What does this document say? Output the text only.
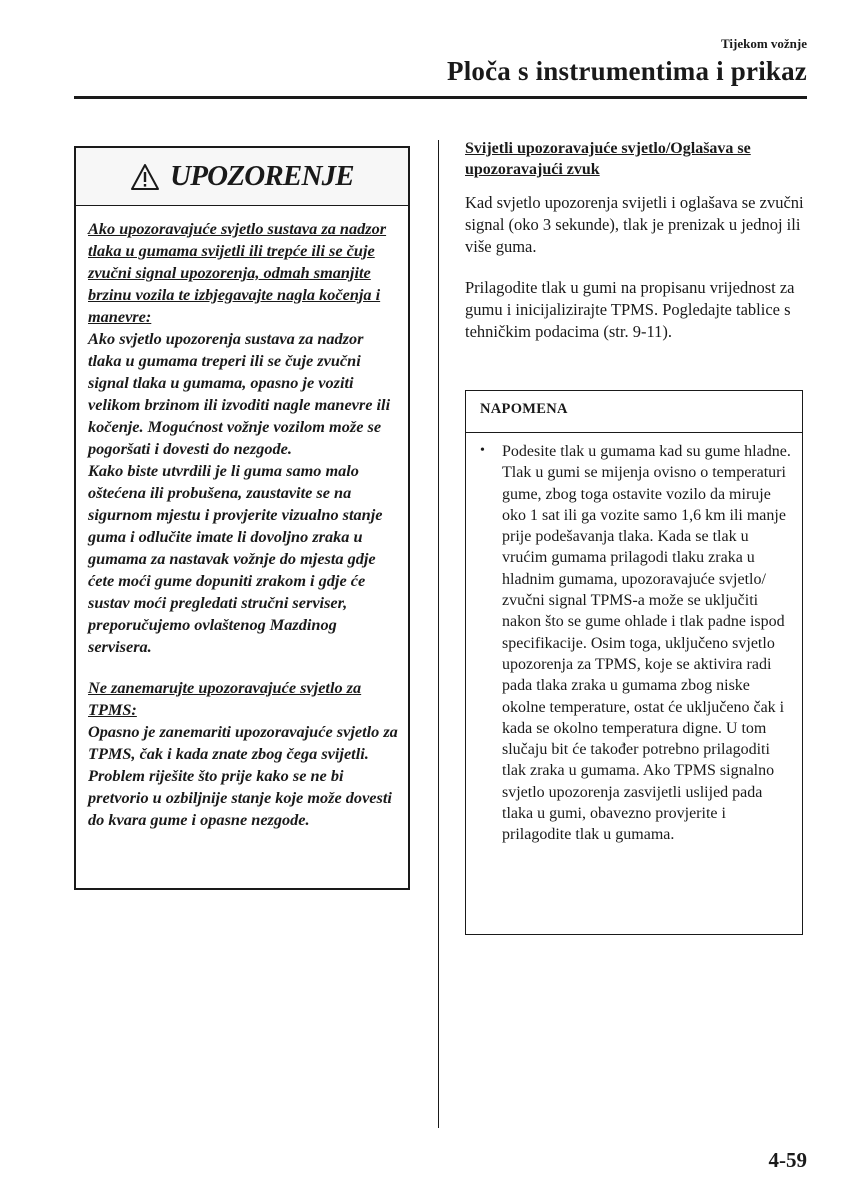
Tijekom vožnje
Ploča s instrumentima i prikaz
UPOZORENJE

Ako upozoravajuće svjetlo sustava za nadzor tlaka u gumama svijetli ili trepće ili se čuje zvučni signal upozorenja, odmah smanjite brzinu vozila te izbjegavajte nagla kočenja i manevre:

Ako svjetlo upozorenja sustava za nadzor tlaka u gumama treperi ili se čuje zvučni signal tlaka u gumama, opasno je voziti velikom brzinom ili izvoditi nagle manevre ili kočenje. Mogućnost vožnje vozilom može se pogoršati i dovesti do nezgode.

Kako biste utvrdili je li guma samo malo oštećena ili probušena, zaustavite se na sigurnom mjestu i provjerite vizualno stanje guma i odlučite imate li dovoljno zraka u gumama za nastavak vožnje do mjesta gdje ćete moći gume dopuniti zrakom i gdje će sustav moći pregledati stručni serviser, preporučujemo ovlaštenog Mazdinog servisera.

Ne zanemarujte upozoravajuće svjetlo za TPMS:

Opasno je zanemariti upozoravajuće svjetlo za TPMS, čak i kada znate zbog čega svijetli. Problem riješite što prije kako se ne bi pretvorio u ozbiljnije stanje koje može dovesti do kvara gume i opasne nezgode.

Svijetli upozoravajuće svjetlo/Oglašava se upozoravajući zvuk

Kad svjetlo upozorenja svijetli i oglašava se zvučni signal (oko 3 sekunde), tlak je prenizak u jednoj ili više guma.

Prilagodite tlak u gumi na propisanu vrijednost za gumu i inicijalizirajte TPMS. Pogledajte tablice s tehničkim podacima (str. 9-11).

NAPOMENA
• Podesite tlak u gumama kad su gume hladne. Tlak u gumi se mijenja ovisno o temperaturi gume, zbog toga ostavite vozilo da miruje oko 1 sat ili ga vozite samo 1,6 km ili manje prije podešavanja tlaka. Kada se tlak u vrućim gumama prilagodi tlaku zraka u hladnim gumama, upozoravajuće svjetlo/ zvučni signal TPMS-a može se uključiti nakon što se gume ohlade i tlak padne ispod specifikacije. Osim toga, uključeno svjetlo upozorenja za TPMS, koje se aktivira radi pada tlaka zraka u gumama zbog niske okolne temperature, ostat će uključeno čak i kada se okolno temperatura digne. U tom slučaju bit će također potrebno prilagoditi tlak zraka u gumama. Ako TPMS signalno svjetlo upozorenja zasvijetli uslijed pada tlaka u gumi, obavezno provjerite i prilagodite tlak u gumama.

4-59
